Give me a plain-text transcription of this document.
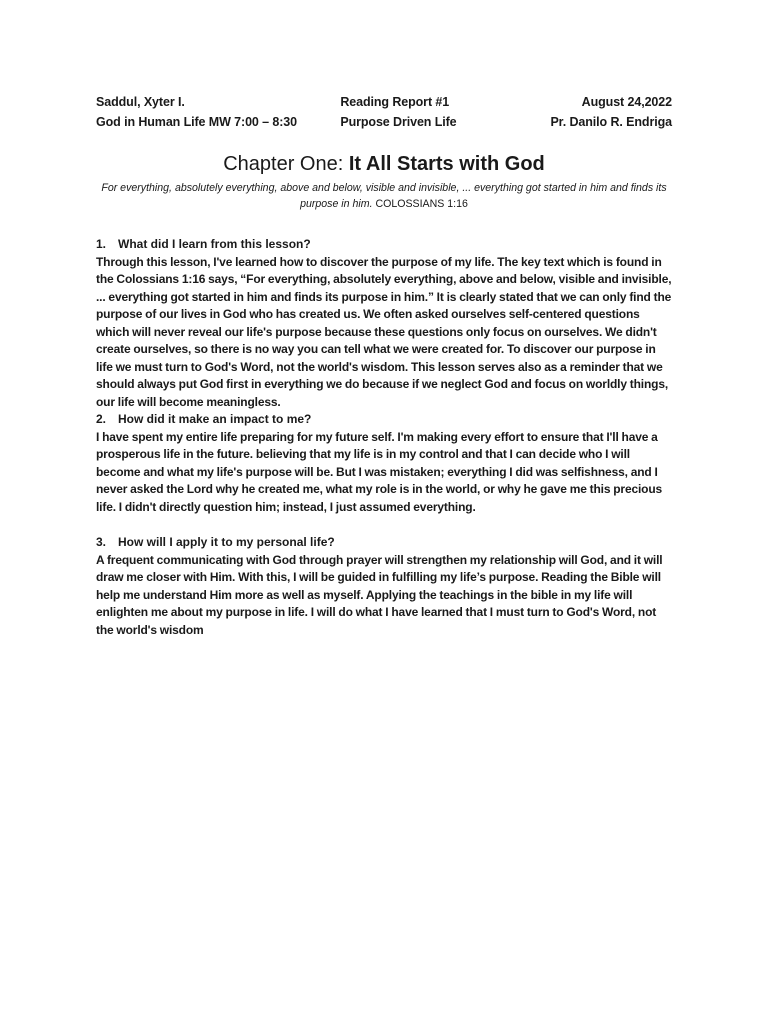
Saddul, Xyter I.	Reading Report #1	August 24,2022
God in Human Life MW 7:00 – 8:30	Purpose Driven Life	Pr. Danilo R. Endriga
Chapter One: It All Starts with God
For everything, absolutely everything, above and below, visible and invisible, ... everything got started in him and finds its purpose in him. COLOSSIANS 1:16
1. What did I learn from this lesson?
Through this lesson, I've learned how to discover the purpose of my life. The key text which is found in the Colossians 1:16 says, “For everything, absolutely everything, above and below, visible and invisible, ... everything got started in him and finds its purpose in him.” It is clearly stated that we can only find the purpose of our lives in God who has created us. We often asked ourselves self-centered questions which will never reveal our life's purpose because these questions only focus on ourselves. We didn't create ourselves, so there is no way you can tell what we were created for. To discover our purpose in life we must turn to God's Word, not the world's wisdom. This lesson serves also as a reminder that we should always put God first in everything we do because if we neglect God and focus on worldly things, our life will become meaningless.
2. How did it make an impact to me?
I have spent my entire life preparing for my future self. I'm making every effort to ensure that I'll have a prosperous life in the future. believing that my life is in my control and that I can decide who I will become and what my life's purpose will be. But I was mistaken; everything I did was selfishness, and I never asked the Lord why he created me, what my role is in the world, or why he gave me this precious life. I didn't directly question him; instead, I just assumed everything.
3. How will I apply it to my personal life?
A frequent communicating with God through prayer will strengthen my relationship will God, and it will draw me closer with Him. With this, I will be guided in fulfilling my life’s purpose. Reading the Bible will help me understand Him more as well as myself. Applying the teachings in the bible in my life will enlighten me about my purpose in life. I will do what I have learned that I must turn to God's Word, not the world's wisdom
